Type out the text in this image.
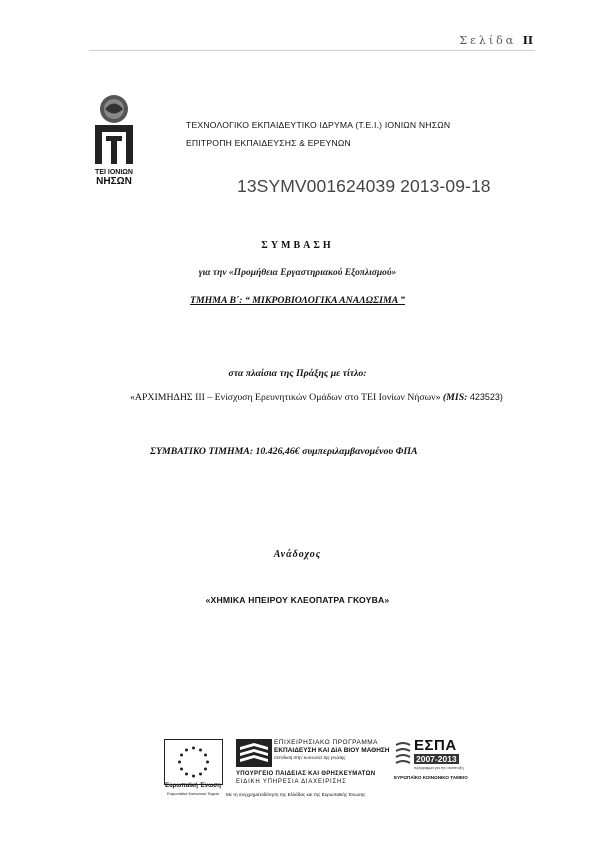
Σελίδα II
ΤΕΙ ΙΟΝΙΩΝ
ΝΗΣΩΝ
ΤΕΧΝΟΛΟΓΙΚΟ ΕΚΠΑΙΔΕΥΤΙΚΟ ΙΔΡΥΜΑ (Τ.Ε.Ι.) ΙΟΝΙΩΝ ΝΗΣΩΝ
ΕΠΙΤΡΟΠΗ ΕΚΠΑΙΔΕΥΣΗΣ & ΕΡΕΥΝΩΝ
13SYMV001624039 2013-09-18
ΣΥΜΒΑΣΗ
για την «Προμήθεια Εργαστηριακού Εξοπλισμού»
ΤΜΗΜΑ Β΄: “ ΜΙΚΡΟΒΙΟΛΟΓΙΚΑ ΑΝΑΛΩΣΙΜΑ ”
στα πλαίσια της Πράξης με τίτλο:
«ΑΡΧΙΜΗΔΗΣ ΙΙΙ – Ενίσχυση Ερευνητικών Ομάδων στο ΤΕΙ Ιονίων Νήσων» (MIS: 423523)
ΣΥΜΒΑΤΙΚΟ ΤΙΜΗΜΑ: 10.426,46€ συμπεριλαμβανομένου ΦΠΑ
Ανάδοχος
«ΧΗΜΙΚΑ ΗΠΕΙΡΟΥ ΚΛΕΟΠΑΤΡΑ ΓΚΟΥΒΑ»
Ευρωπαϊκή Ένωση
Ευρωπαϊκό Κοινωνικό Ταμείο
ΕΠΙΧΕΙΡΗΣΙΑΚΟ ΠΡΟΓΡΑΜΜΑ
ΕΚΠΑΙΔΕΥΣΗ ΚΑΙ ΔΙΑ ΒΙΟΥ ΜΑΘΗΣΗ
επένδυση στην κοινωνία της γνώσης
ΥΠΟΥΡΓΕΙΟ ΠΑΙΔΕΙΑΣ ΚΑΙ ΘΡΗΣΚΕΥΜΑΤΩΝ
ΕΙΔΙΚΗ ΥΠΗΡΕΣΙΑ ΔΙΑΧΕΙΡΙΣΗΣ
Με τη συγχρηματοδότηση της Ελλάδας και της Ευρωπαϊκής Ένωσης
ΕΣΠΑ
2007-2013
πρόγραμμα για την ανάπτυξη
ΕΥΡΩΠΑΪΚΟ ΚΟΙΝΩΝΙΚΟ ΤΑΜΕΙΟ
